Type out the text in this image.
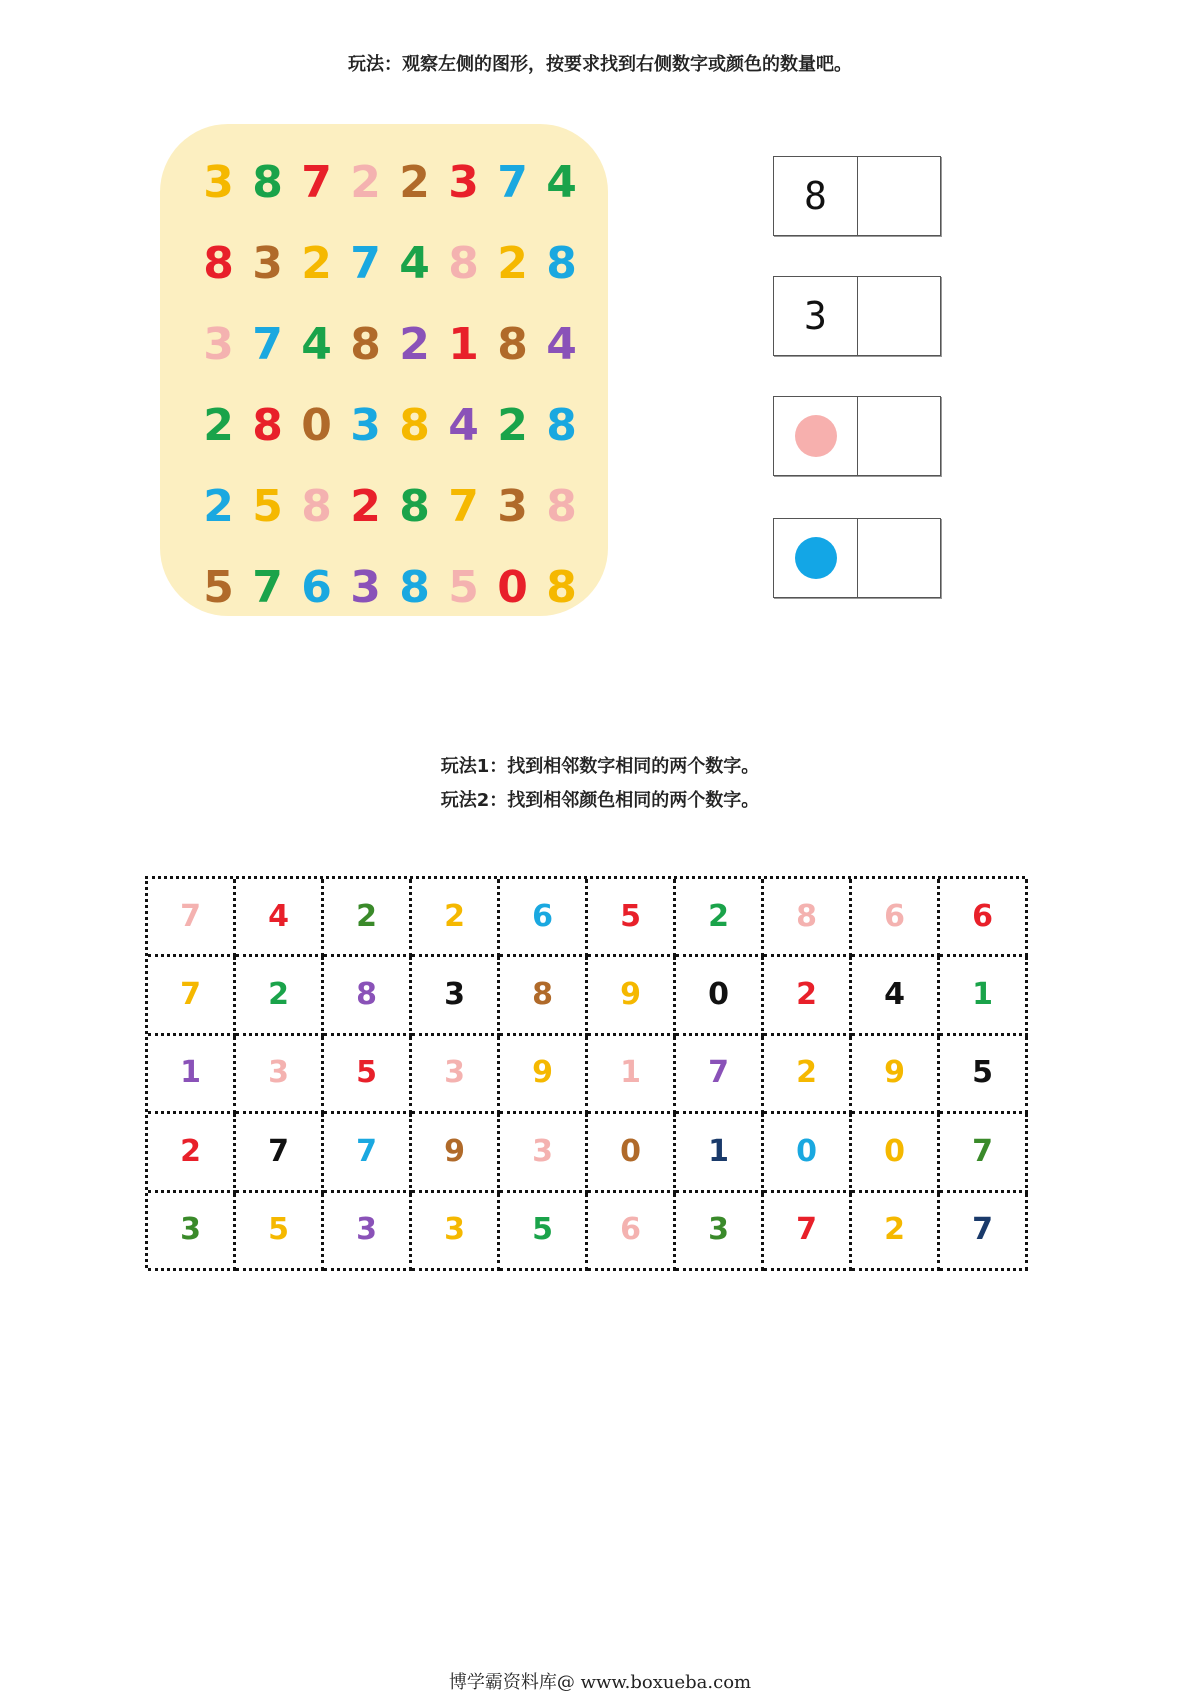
玩法：观察左侧的图形，按要求找到右侧数字或颜色的数量吧。
3 8 7 2 2 3 7 4
8 3 2 7 4 8 2 8
3 7 4 8 2 1 8 4
2 8 0 3 8 4 2 8
2 5 8 2 8 7 3 8
5 7 6 3 8 5 0 8
8
3
玩法1：找到相邻数字相同的两个数字。
玩法2：找到相邻颜色相同的两个数字。
7	4	2	2	6	5	2	8	6	6
7	2	8	3	8	9	0	2	4	1
1	3	5	3	9	1	7	2	9	5
2	7	7	9	3	0	1	0	0	7
3	5	3	3	5	6	3	7	2	7
博学霸资料库@ www.boxueba.com
